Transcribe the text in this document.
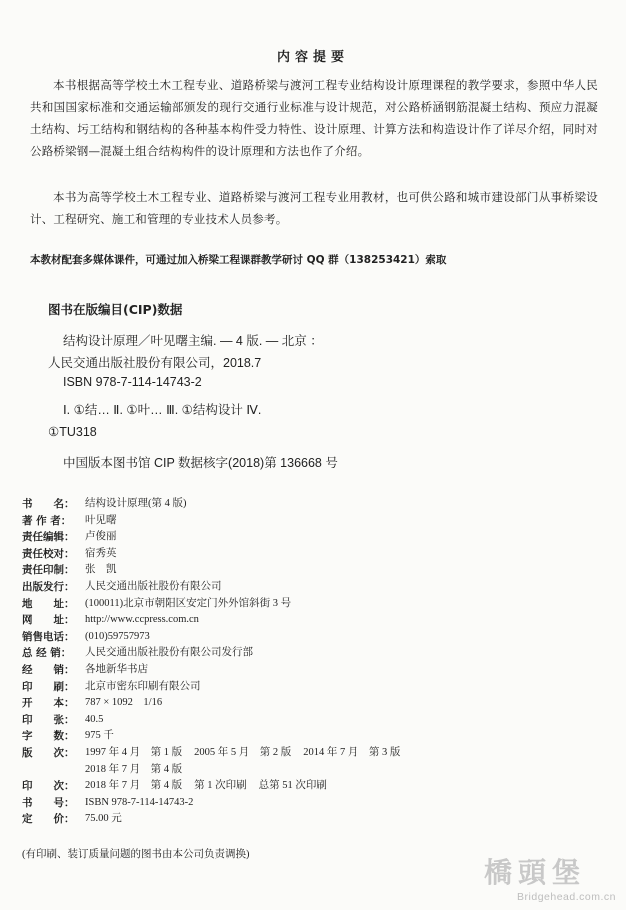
内容提要
本书根据高等学校土木工程专业、道路桥梁与渡河工程专业结构设计原理课程的教学要求，参照中华人民共和国国家标准和交通运输部颁发的现行交通行业标准与设计规范，对公路桥涵钢筋混凝土结构、预应力混凝土结构、圬工结构和钢结构的各种基本构件受力特性、设计原理、计算方法和构造设计作了详尽介绍，同时对公路桥梁钢—混凝土组合结构构件的设计原理和方法也作了介绍。
本书为高等学校土木工程专业、道路桥梁与渡河工程专业用教材，也可供公路和城市建设部门从事桥梁设计、工程研究、施工和管理的专业技术人员参考。
本教材配套多媒体课件，可通过加入桥梁工程课群教学研讨 QQ 群（138253421）索取
图书在版编目(CIP)数据
结构设计原理／叶见曙主编. — 4 版. — 北京 ：
人民交通出版社股份有限公司，2018.7
ISBN 978-7-114-14743-2
Ⅰ. ①结… Ⅱ. ①叶… Ⅲ. ①结构设计 Ⅳ.
①TU318
中国版本图书馆 CIP 数据核字(2018)第 136668 号
书　　名：	结构设计原理(第 4 版)
著 作 者：	叶见曙
责任编辑：	卢俊丽
责任校对：	宿秀英
责任印制：	张　凯
出版发行：	人民交通出版社股份有限公司
地　　址：	(100011)北京市朝阳区安定门外外馆斜街 3 号
网　　址：	http://www.ccpress.com.cn
销售电话：	(010)59757973
总 经 销：	人民交通出版社股份有限公司发行部
经　　销：	各地新华书店
印　　刷：	北京市密东印刷有限公司
开　　本：	787 × 1092　1/16
印　　张：	40.5
字　　数：	975 千
版　　次：	1997 年 4 月　第 1 版 2005 年 5 月　第 2 版 2014 年 7 月　第 3 版
2018 年 7 月　第 4 版
印　　次：	2018 年 7 月　第 4 版 第 1 次印刷 总第 51 次印刷
书　　号：	ISBN 978-7-114-14743-2
定　　价：	75.00 元
(有印刷、装订质量问题的图书由本公司负责调换)
橋頭堡
Bridgehead.com.cn
